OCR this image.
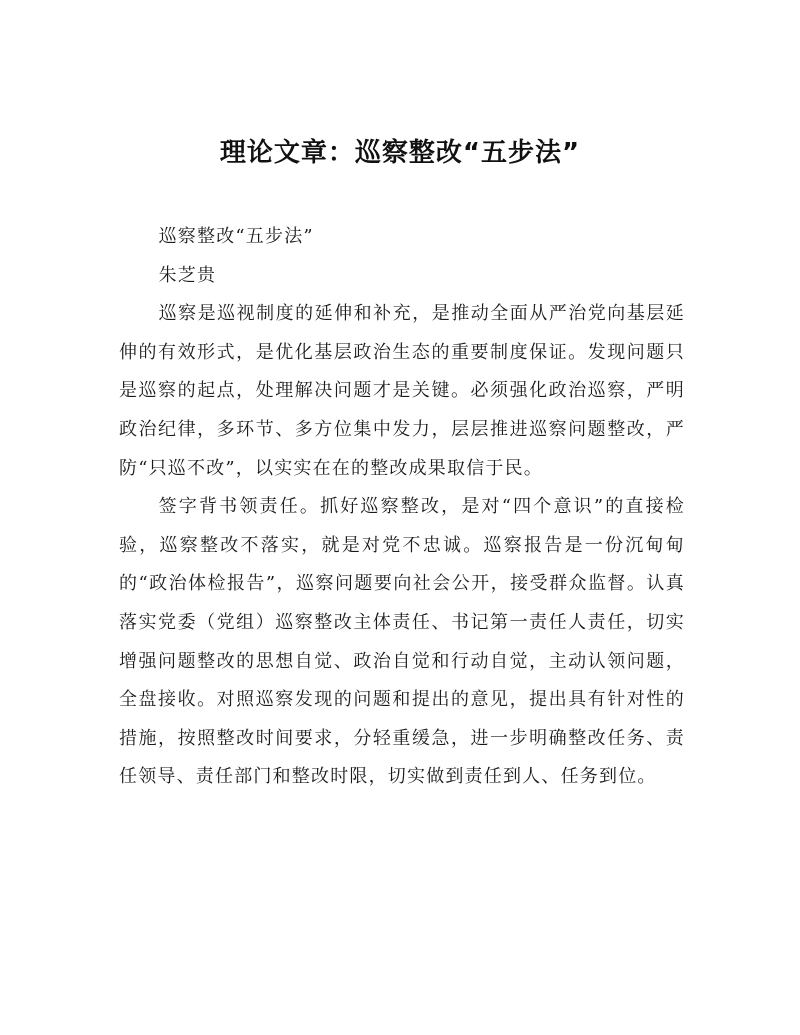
理论文章：巡察整改“五步法”

巡察整改“五步法”

朱芝贵

巡察是巡视制度的延伸和补充，是推动全面从严治党向基层延伸的有效形式，是优化基层政治生态的重要制度保证。发现问题只是巡察的起点，处理解决问题才是关键。必须强化政治巡察，严明政治纪律，多环节、多方位集中发力，层层推进巡察问题整改，严防“只巡不改”，以实实在在的整改成果取信于民。

签字背书领责任。抓好巡察整改，是对“四个意识”的直接检验，巡察整改不落实，就是对党不忠诚。巡察报告是一份沉甸甸的“政治体检报告”，巡察问题要向社会公开，接受群众监督。认真落实党委（党组）巡察整改主体责任、书记第一责任人责任，切实增强问题整改的思想自觉、政治自觉和行动自觉，主动认领问题，全盘接收。对照巡察发现的问题和提出的意见，提出具有针对性的措施，按照整改时间要求，分轻重缓急，进一步明确整改任务、责任领导、责任部门和整改时限，切实做到责任到人、任务到位。
